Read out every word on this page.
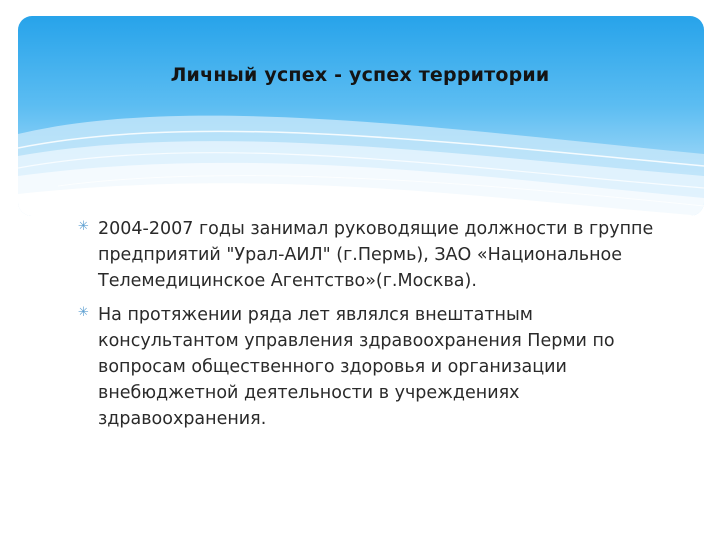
Личный успех - успех территории
✳ 2004-2007 годы занимал руководящие должности в группе предприятий "Урал-АИЛ" (г.Пермь), ЗАО «Национальное Телемедицинское Агентство»(г.Москва).
✳ На протяжении ряда лет являлся внештатным консультантом управления здравоохранения Перми по вопросам общественного здоровья и организации внебюджетной деятельности в учреждениях здравоохранения.
